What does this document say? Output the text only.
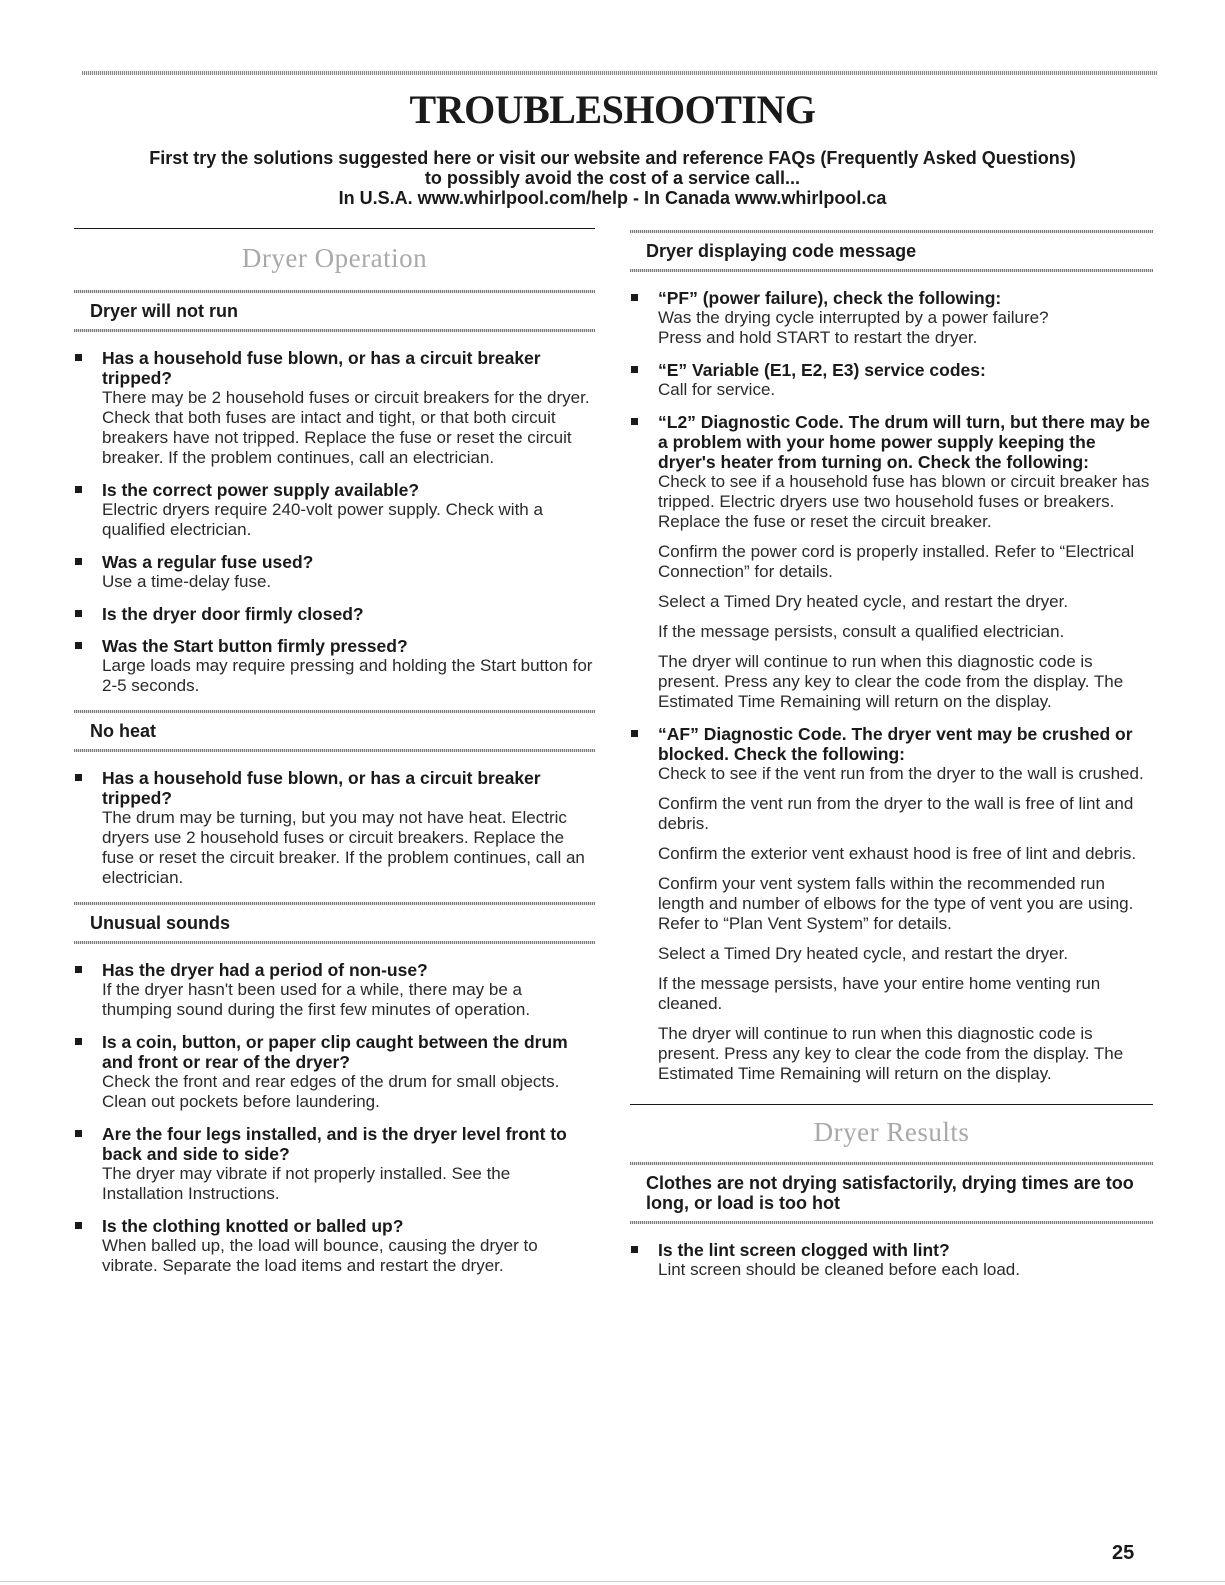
TROUBLESHOOTING
First try the solutions suggested here or visit our website and reference FAQs (Frequently Asked Questions)
to possibly avoid the cost of a service call...
In U.S.A. www.whirlpool.com/help - In Canada www.whirlpool.ca
Dryer Operation
Dryer will not run
Has a household fuse blown, or has a circuit breaker tripped?
There may be 2 household fuses or circuit breakers for the dryer. Check that both fuses are intact and tight, or that both circuit breakers have not tripped. Replace the fuse or reset the circuit breaker. If the problem continues, call an electrician.
Is the correct power supply available?
Electric dryers require 240-volt power supply. Check with a qualified electrician.
Was a regular fuse used?
Use a time-delay fuse.
Is the dryer door firmly closed?
Was the Start button firmly pressed?
Large loads may require pressing and holding the Start button for 2-5 seconds.
No heat
Has a household fuse blown, or has a circuit breaker tripped?
The drum may be turning, but you may not have heat. Electric dryers use 2 household fuses or circuit breakers. Replace the fuse or reset the circuit breaker. If the problem continues, call an electrician.
Unusual sounds
Has the dryer had a period of non-use?
If the dryer hasn't been used for a while, there may be a thumping sound during the first few minutes of operation.
Is a coin, button, or paper clip caught between the drum and front or rear of the dryer?
Check the front and rear edges of the drum for small objects. Clean out pockets before laundering.
Are the four legs installed, and is the dryer level front to back and side to side?
The dryer may vibrate if not properly installed. See the Installation Instructions.
Is the clothing knotted or balled up?
When balled up, the load will bounce, causing the dryer to vibrate. Separate the load items and restart the dryer.
Dryer displaying code message
“PF” (power failure), check the following:
Was the drying cycle interrupted by a power failure?
Press and hold START to restart the dryer.
“E” Variable (E1, E2, E3) service codes:
Call for service.
“L2” Diagnostic Code. The drum will turn, but there may be a problem with your home power supply keeping the dryer's heater from turning on. Check the following:
Check to see if a household fuse has blown or circuit breaker has tripped. Electric dryers use two household fuses or breakers. Replace the fuse or reset the circuit breaker.
Confirm the power cord is properly installed. Refer to “Electrical Connection” for details.
Select a Timed Dry heated cycle, and restart the dryer.
If the message persists, consult a qualified electrician.
The dryer will continue to run when this diagnostic code is present. Press any key to clear the code from the display. The Estimated Time Remaining will return on the display.
“AF” Diagnostic Code. The dryer vent may be crushed or blocked. Check the following:
Check to see if the vent run from the dryer to the wall is crushed.
Confirm the vent run from the dryer to the wall is free of lint and debris.
Confirm the exterior vent exhaust hood is free of lint and debris.
Confirm your vent system falls within the recommended run length and number of elbows for the type of vent you are using. Refer to “Plan Vent System” for details.
Select a Timed Dry heated cycle, and restart the dryer.
If the message persists, have your entire home venting run cleaned.
The dryer will continue to run when this diagnostic code is present. Press any key to clear the code from the display. The Estimated Time Remaining will return on the display.
Dryer Results
Clothes are not drying satisfactorily, drying times are too long, or load is too hot
Is the lint screen clogged with lint?
Lint screen should be cleaned before each load.
25
